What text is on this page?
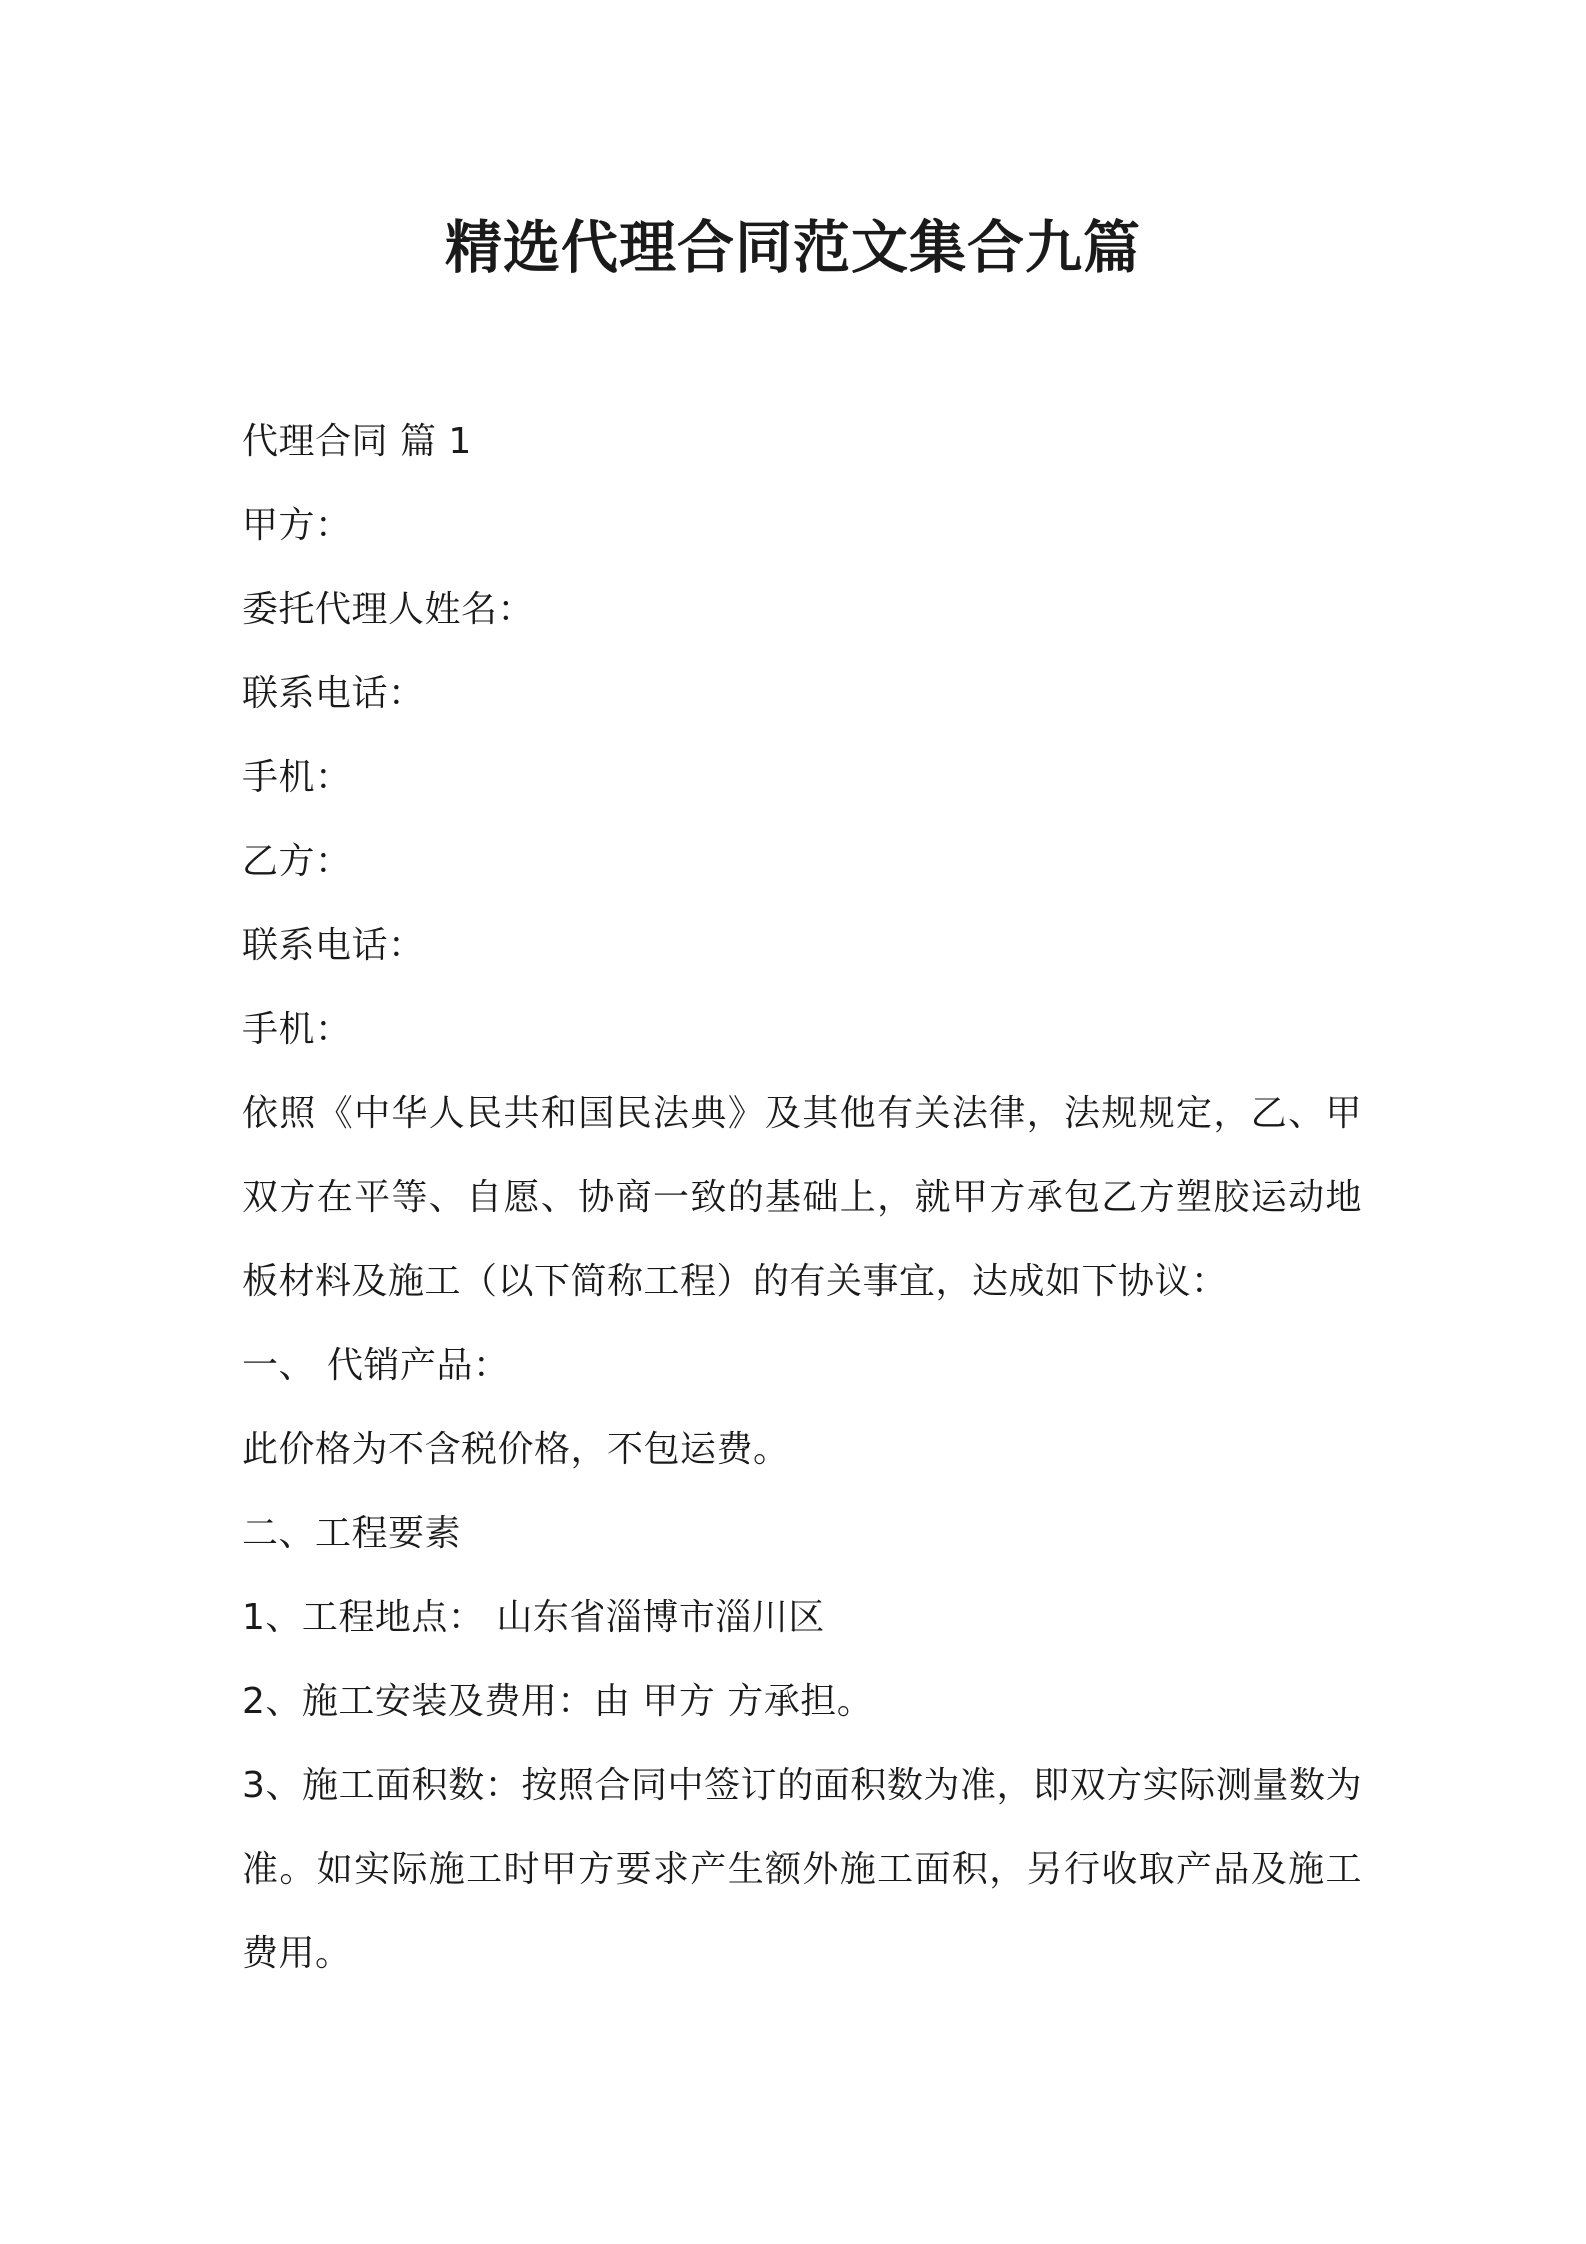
精选代理合同范文集合九篇
代理合同 篇 1
甲方：
委托代理人姓名：
联系电话：
手机：
乙方：
联系电话：
手机：
依照《中华人民共和国民法典》及其他有关法律，法规规定，乙、甲双方在平等、自愿、协商一致的基础上，就甲方承包乙方塑胶运动地板材料及施工（以下简称工程）的有关事宜，达成如下协议：
一、 代销产品：
此价格为不含税价格，不包运费。
二、工程要素
1、工程地点： 山东省淄博市淄川区
2、施工安装及费用：由 甲方 方承担。
3、施工面积数：按照合同中签订的面积数为准，即双方实际测量数为准。如实际施工时甲方要求产生额外施工面积，另行收取产品及施工费用。
